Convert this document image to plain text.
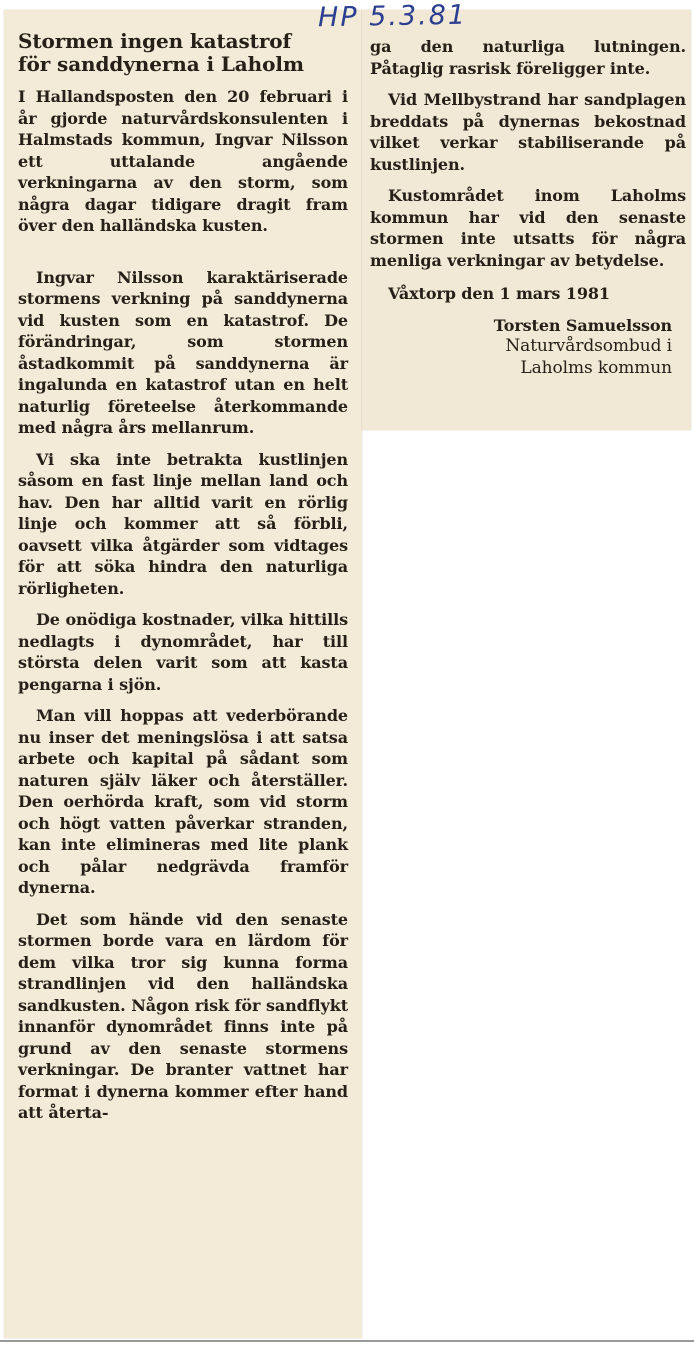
HP 5.3.81
Stormen ingen katastrof
för sanddynerna i Laholm

I Hallandsposten den 20 februari i år gjorde naturvårdskonsulenten i Halmstads kommun, Ingvar Nilsson ett uttalande angående verkningarna av den storm, som några dagar tidigare dragit fram över den halländska kusten.

Ingvar Nilsson karaktäriserade stormens verkning på sanddynerna vid kusten som en katastrof. De förändringar, som stormen åstadkommit på sanddynerna är ingalunda en katastrof utan en helt naturlig företeelse återkommande med några års mellanrum.

Vi ska inte betrakta kustlinjen såsom en fast linje mellan land och hav. Den har alltid varit en rörlig linje och kommer att så förbli, oavsett vilka åtgärder som vidtages för att söka hindra den naturliga rörligheten.

De onödiga kostnader, vilka hittills nedlagts i dynområdet, har till största delen varit som att kasta pengarna i sjön.

Man vill hoppas att vederbörande nu inser det meningslösa i att satsa arbete och kapital på sådant som naturen själv läker och återställer. Den oerhörda kraft, som vid storm och högt vatten påverkar stranden, kan inte elimineras med lite plank och pålar nedgrävda framför dynerna.

Det som hände vid den senaste stormen borde vara en lärdom för dem vilka tror sig kunna forma strandlinjen vid den halländska sandkusten. Någon risk för sandflykt innanför dynområdet finns inte på grund av den senaste stormens verkningar. De branter vattnet har format i dynerna kommer efter hand att återta-

ga den naturliga lutningen. Påtaglig rasrisk föreligger inte.

Vid Mellbystrand har sandplagen breddats på dynernas bekostnad vilket verkar stabiliserande på kustlinjen.

Kustområdet inom Laholms kommun har vid den senaste stormen inte utsatts för några menliga verkningar av betydelse.

Våxtorp den 1 mars 1981

Torsten Samuelsson

Naturvårdsombud i

Laholms kommun
